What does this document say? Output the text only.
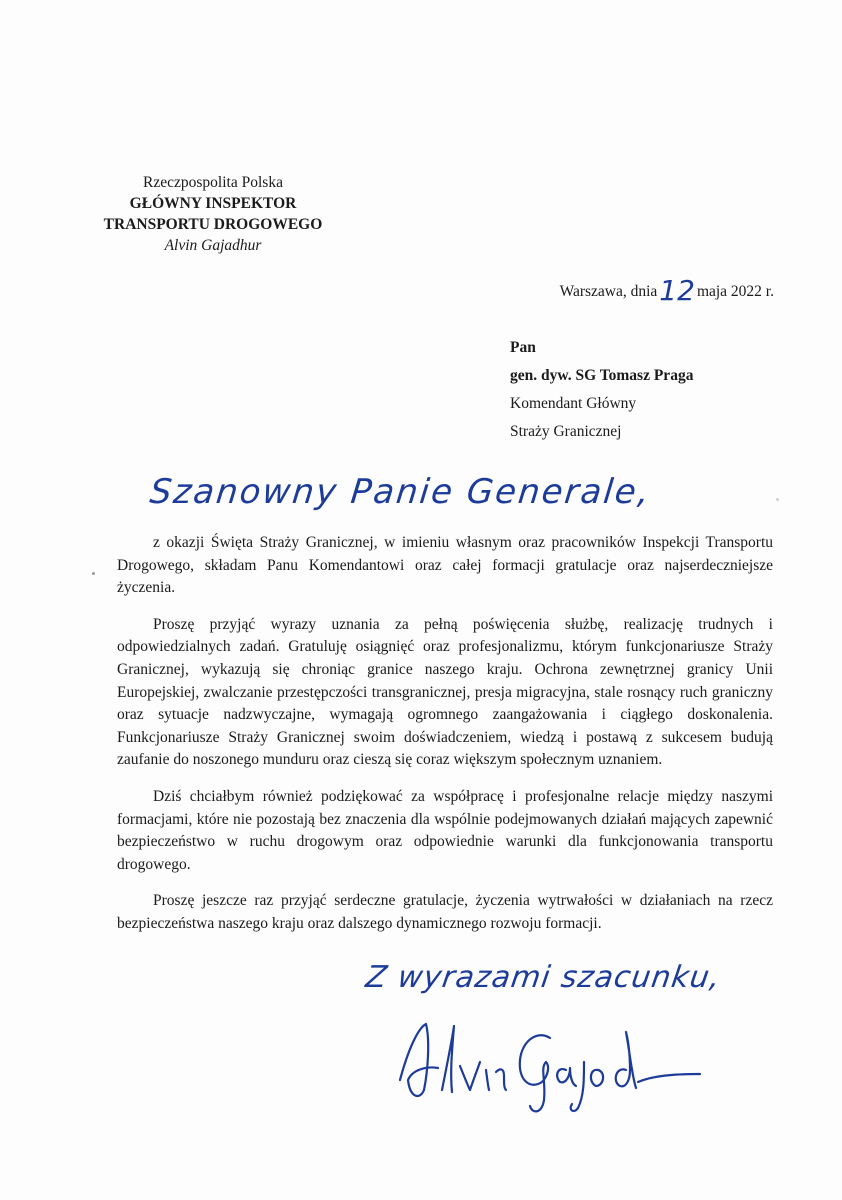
Rzeczpospolita Polska
GŁÓWNY INSPEKTOR
TRANSPORTU DROGOWEGO
Alvin Gajadhur
Warszawa, dnia12 maja 2022 r.
Pan
gen. dyw. SG Tomasz Praga
Komendant Główny
Straży Granicznej
Szanowny Panie Generale,

z okazji Święta Straży Granicznej, w imieniu własnym oraz pracowników Inspekcji Transportu Drogowego, składam Panu Komendantowi oraz całej formacji gratulacje oraz najserdeczniejsze życzenia.

Proszę przyjąć wyrazy uznania za pełną poświęcenia służbę, realizację trudnych i odpowiedzialnych zadań. Gratuluję osiągnięć oraz profesjonalizmu, którym funkcjonariusze Straży Granicznej, wykazują się chroniąc granice naszego kraju. Ochrona zewnętrznej granicy Unii Europejskiej, zwalczanie przestępczości transgranicznej, presja migracyjna, stale rosnący ruch graniczny oraz sytuacje nadzwyczajne, wymagają ogromnego zaangażowania i ciągłego doskonalenia. Funkcjonariusze Straży Granicznej swoim doświadczeniem, wiedzą i postawą z sukcesem budują zaufanie do noszonego munduru oraz cieszą się coraz większym społecznym uznaniem.

Dziś chciałbym również podziękować za współpracę i profesjonalne relacje między naszymi formacjami, które nie pozostają bez znaczenia dla wspólnie podejmowanych działań mających zapewnić bezpieczeństwo w ruchu drogowym oraz odpowiednie warunki dla funkcjonowania transportu drogowego.

Proszę jeszcze raz przyjąć serdeczne gratulacje, życzenia wytrwałości w działaniach na rzecz bezpieczeństwa naszego kraju oraz dalszego dynamicznego rozwoju formacji.

Z wyrazami szacunku,
